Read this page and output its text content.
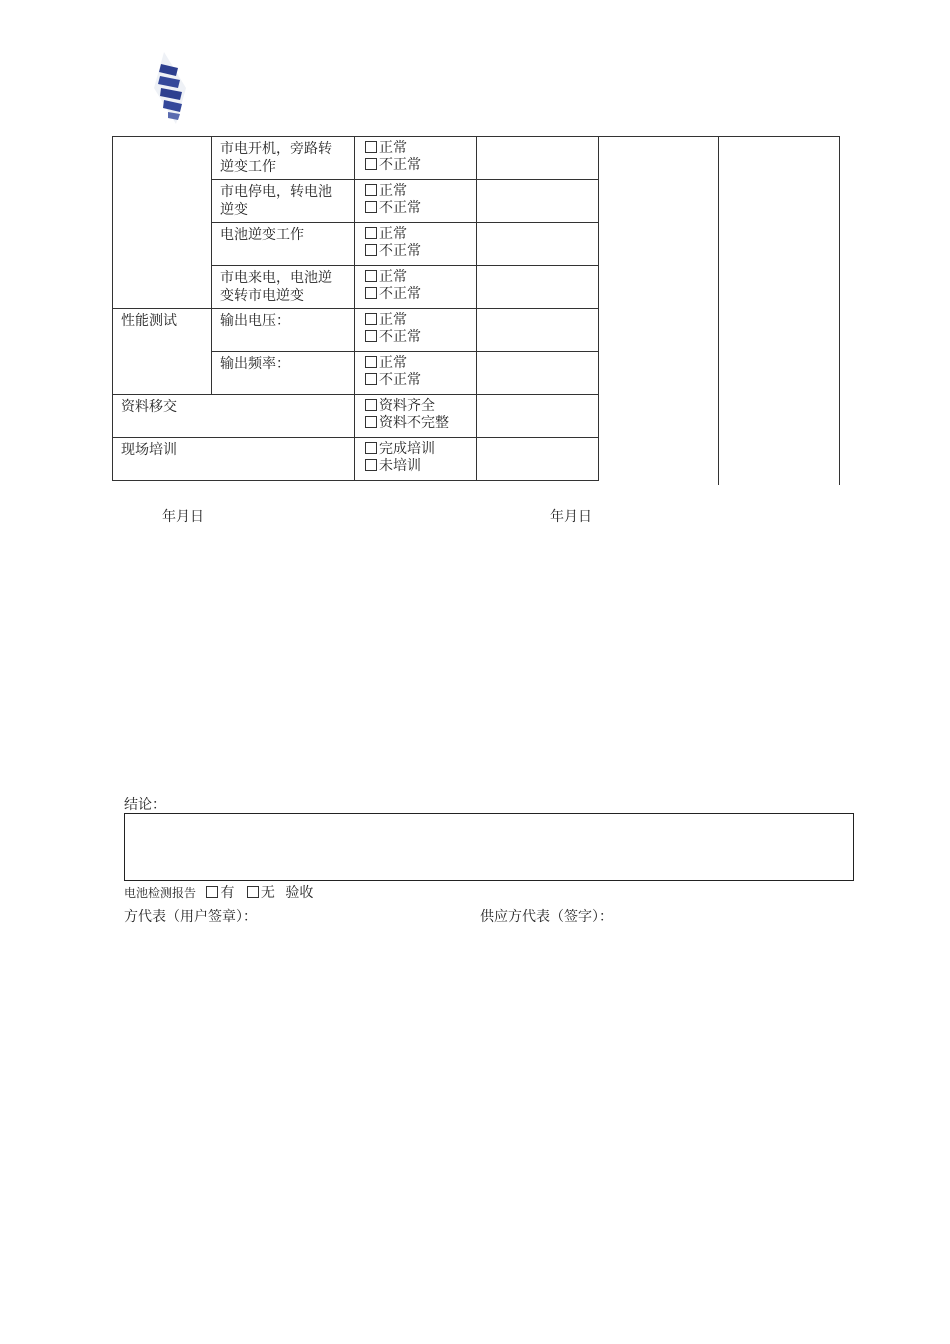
	市电开机，旁路转 逆变工作	正常
不正常	

	市电停电，转电池 逆变	正常
不正常	

	电池逆变工作	正常
不正常	

	市电来电，电池逆 变转市电逆变	正常
不正常	

性能测试	输出电压：	正常
不正常	

	输出频率：	正常
不正常	

资料移交		资料齐全
资料不完整	

现场培训		完成培训
未培训	

年月日	年月日
结论：
电池检测报告 有 无 验收
方代表（用户签章）：	供应方代表（签字）：
